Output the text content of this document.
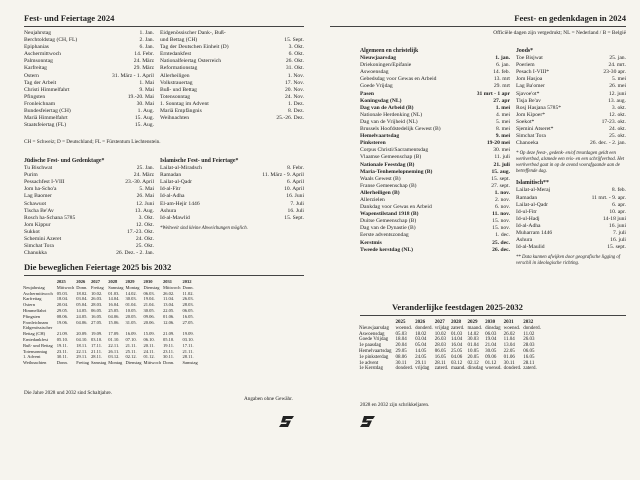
Fest- und Feiertage 2024
Neujahrstag	1. Jan.
Berchtoldstag (CH, FL)	2. Jan.
Epiphanias	6. Jan.
Aschermittwoch	14. Febr.
Palmsonntag	24. März
Karfreitag	29. März
Ostern	31. März - 1. April
Tag der Arbeit	1. Mai
Christi Himmelfahrt	9. Mai
Pfingsten	19.-20. Mai
Fronleichnam	30. Mai
Bundesfeiertag (CH)	1. Aug.
Mariä Himmelfahrt	15. Aug.
Staatsfeiertag (FL)	15. Aug.
Eidgenössischer Dank-, Buß-
und Bettag (CH)	15. Sept.
Tag der Deutschen Einheit (D)	3. Okt.
Erntedankfest	6. Okt.
Nationalfeiertag Österreich	26. Okt.
Reformationstag	31. Okt.
Allerheiligen	1. Nov.
Volkstrauertag	17. Nov.
Buß- und Bettag	20. Nov.
Totensonntag	24. Nov.
1. Sonntag im Advent	1. Dez.
Mariä Empfängnis	8. Dez.
Weihnachten	25.-26. Dez.
CH = Schweiz; D = Deutschland; FL = Fürstentum Liechtenstein.
Jüdische Fest- und Gedenktage*
Tu Bischwat	25. Jan.
Purim	24. März
Pessachfest I-VIII	23.-30. April
Jom ha-Scho'a	5. Mai
Lag Baomer	26. Mai
Schawuot	12. Juni
Tischa Be'Av	13. Aug.
Rosch ha-Schana 5785	3. Okt.
Jom Kippur	12. Okt.
Sukkot	17.-23. Okt.
Schemini Azeret	24. Okt.
Simchat Tora	25. Okt.
Chanukka	26. Dez. - 2. Jan.
Islamische Fest- und Feiertage*
Lailat-al-Miradsch	8. Febr.
Ramadan	11. März - 9. April
Lailat-al-Qadr	6. April
Id-al-Fitr	10. April
Id-al-Adha	16. Juni
El-am-Hejir 1446	7. Juli
Ashura	16. Juli
Id-al-Mawlid	15. Sept.
*Weltweit sind kleine Abweichungen möglich.
Die beweglichen Feiertage 2025 bis 2032
	2025	2026	2027	2028	2029	2030	2031	2032
Neujahrstag	Mittwoch	Donn.	Freitag	Samstag	Montag	Dienstag	Mittwoch	Donn.
Aschermittwoch	05.03.	18.02.	10.02.	01.03.	14.02.	06.03.	26.02.	11.02.
Karfreitag	18.04.	03.04.	26.03.	14.04.	30.03.	19.04.	11.04.	26.03.
Ostern	20.04.	05.04.	28.03.	16.04.	01.04.	21.04.	13.04.	28.03.
Himmelfahrt	29.05.	14.05.	06.05.	25.05.	10.05.	30.05.	22.05.	06.05.
Pfingsten	08.06.	24.05.	16.05.	04.06.	20.05.	09.06.	01.06.	16.05.
Fronleichnam	19.06.	04.06.	27.05.	15.06.	31.05.	20.06.	12.06.	27.05.
Eidgenössischer								
Bettag (CH)	21.09.	20.09.	19.09.	17.09.	16.09.	15.09.	21.09.	19.09.
Erntedankfest	05.10.	04.10.	03.10.	01.10.	07.10.	06.10.	05.10.	03.10.
Buß- und Bettag	19.11.	18.11.	17.11.	22.11.	21.11.	20.11.	19.11.	17.11.
Totensonntag	23.11.	22.11.	21.11.	26.11.	25.11.	24.11.	23.11.	21.11.
1. Advent	30.11.	29.11.	28.11.	03.12.	02.12.	01.12.	30.11.	28.11.
Weihnachten	Donn.	Freitag	Samstag	Montag	Dienstag	Mittwoch	Donn.	Samstag
Die Jahre 2028 und 2032 sind Schaltjahre.
Angaben ohne Gewähr.
Feest- en gedenkdagen in 2024
Officiële dagen zijn vetgedrukt; NL = Nederland / B = België
Algemeen en christelijk
Nieuwjaarsdag	1. jan.
Driekoningen/Epifanie	6. jan.
Aswoensdag	14. feb.
Gebedsdag voor Gewas en Arbeid	13. mrt
Goede Vrijdag	29. mrt
Pasen	31 mrt - 1 apr
Koningsdag (NL)	27. apr
Dag van de Arbeid (B)	1. mei
Nationale Herdenking (NL)	4. mei
Dag van de Vrijheid (NL)	5. mei
Brussels Hoofdstedelijk Gewest (B)	8. mei
Hemelvaartsdag	9. mei
Pinksteren	19-20 mei
Corpus Christi/Sacramentsdag	30. mei
Vlaamse Gemeenschap (B)	11. juli
Nationale Feestdag (B)	21. juli
Maria-Tenhemelopneming (B)	15. aug.
Waals Gewest (B)	15. sept.
Franse Gemeenschap (B)	27. sept.
Allerheiligen (B)	1. nov.
Allerzielen	2. nov.
Dankdag voor Gewas en Arbeid	6. nov.
Wapenstilstand 1918 (B)	11. nov.
Duitse Gemeenschap (B)	15. nov.
Dag van de Dynastie (B)	15. nov.
Eerste adventszondag	1. dec.
Kerstmis	25. dec.
Tweede kerstdag (NL)	26. dec.
Joods*
Toe Bisjwat	25. jan.
Poeriem	24. mrt.
Pesach I-VIII*	23-30 apr.
Jom Hasjoa	5. mei
Lag Ba'omer	26. mei
Sjavoe'ot*	12. juni
Tisja Be'av	13. aug.
Rosj Hasjana 5785*	3. okt.
Jom Kipoer*	12. okt.
Soekot*	17-23. okt.
Sjemini Atseret*	24. okt.
Simchat Tora	25. okt.
Chanoeka	26. dec. - 2. jan.
* Op deze feest-, gedenk- en/of treurdagen geldt een werkverbod, alsmede een reis- en een schrijfverbod. Het werkverbod gaat in op de avond voorafgaande aan de betreffende dag.
Islamitisch**
Lailat-al-Meraj	8. feb.
Ramadan	11 mrt. - 9. apr.
Lailat-al-Qadr	6. apr.
Id-ul-Fitr	10. apr.
Id-ul-Hadj	14-18 juni
Id-al-Adha	16. juni
Muharram 1446	7. juli
Ashura	16. juli
Id-al-Maulid	15. sept.
** Data kunnen afwijken door geografische ligging of verschil in ideologische richting.
Veranderlijke feestdagen 2025-2032
	2025	2026	2027	2028	2029	2030	2031	2032
Nieuwjaarsdag	woensd.	donderd.	vrijdag	zaterd.	maand.	dinsdag	woensd.	donderd.
Aswoensdag	05.03	18.02	10.02	01.03	14.02	06.03	26.02	11.02
Goede Vrijdag	18.04	03.04	26.03	14.04	30.03	19.04	11.04	26.03
1e paasdag	20.04	05.04	28.03	16.04	01.04	21.04	13.04	28.03
Hemelvaartsdag	29.05	14.05	06.05	25.05	10.05	30.05	22.05	06.05
1e pinksterdag	08.06	24.05	16.05	04.06	20.05	09.06	01.06	16.05
1e advent	30.11	29.11	28.11	03.12	02.12	01.12	30.11	28.11
1e Kerstdag	donderd.	vrijdag	zaterd.	maand.	dinsdag	woensd.	donderd.	zaterd.
2028 en 2032 zijn schrikkeljaren.
